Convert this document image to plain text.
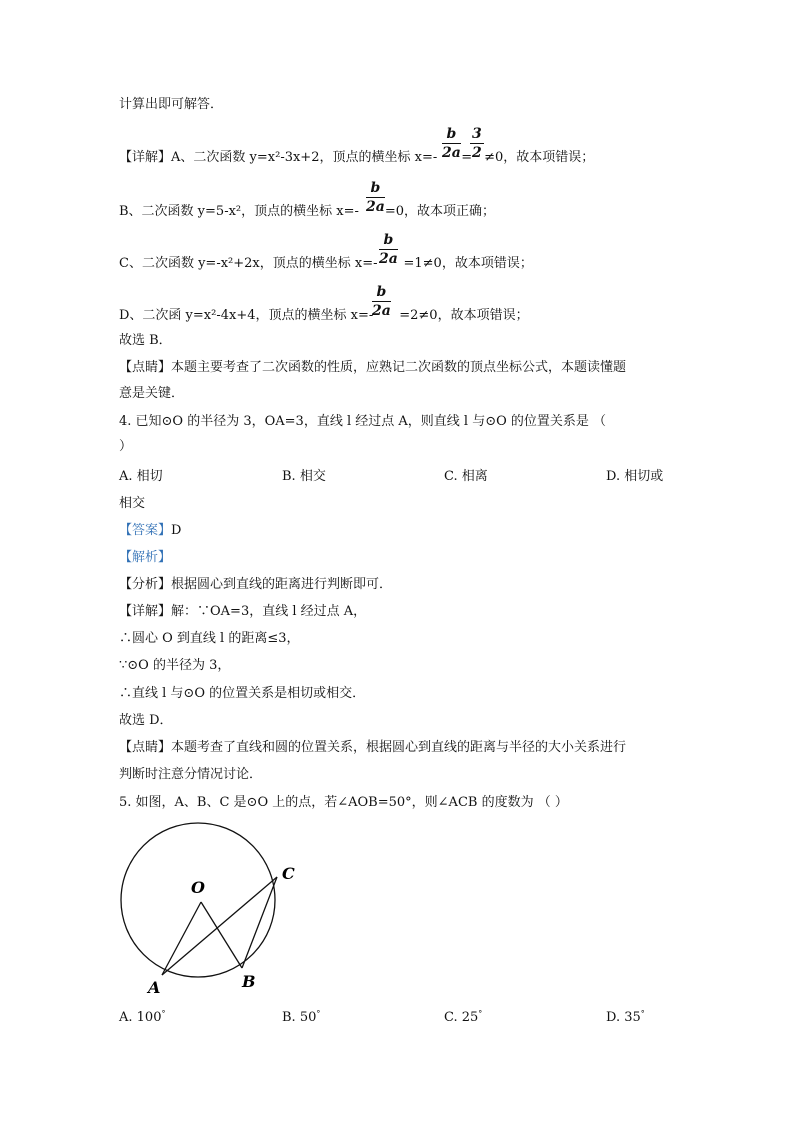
计算出即可解答．
b
2a
3
2
【详解】A、二次函数 y=x²-3x+2，顶点的横坐标 x=- = ≠0，故本项错误；
b
2a
B、二次函数 y=5-x²，顶点的横坐标 x=- =0，故本项正确；
b
2a
C、二次函数 y=-x²+2x，顶点的横坐标 x=- =1≠0，故本项错误；
b
2a
D、二次函 y=x²-4x+4，顶点的横坐标 x=- =2≠0，故本项错误；
故选 B．
【点睛】本题主要考查了二次函数的性质，应熟记二次函数的顶点坐标公式，本题读懂题
意是关键．
4. 已知⊙O 的半径为 3，OA=3，直线 l 经过点 A，则直线 l 与⊙O 的位置关系是 （
）
A. 相切	B. 相交	C. 相离	D. 相切或
相交
【答案】D
【解析】
【分析】根据圆心到直线的距离进行判断即可．
【详解】解：∵OA=3，直线 l 经过点 A，
∴圆心 O 到直线 l 的距离≤3，
∵⊙O 的半径为 3，
∴直线 l 与⊙O 的位置关系是相切或相交．
故选 D．
【点睛】本题考查了直线和圆的位置关系，根据圆心到直线的距离与半径的大小关系进行
判断时注意分情况讨论．
5. 如图，A、B、C 是⊙O 上的点，若∠AOB=50°，则∠ACB 的度数为 （ ）
O
C
A	B
A. 100°	B. 50°	C. 25°	D. 35°
